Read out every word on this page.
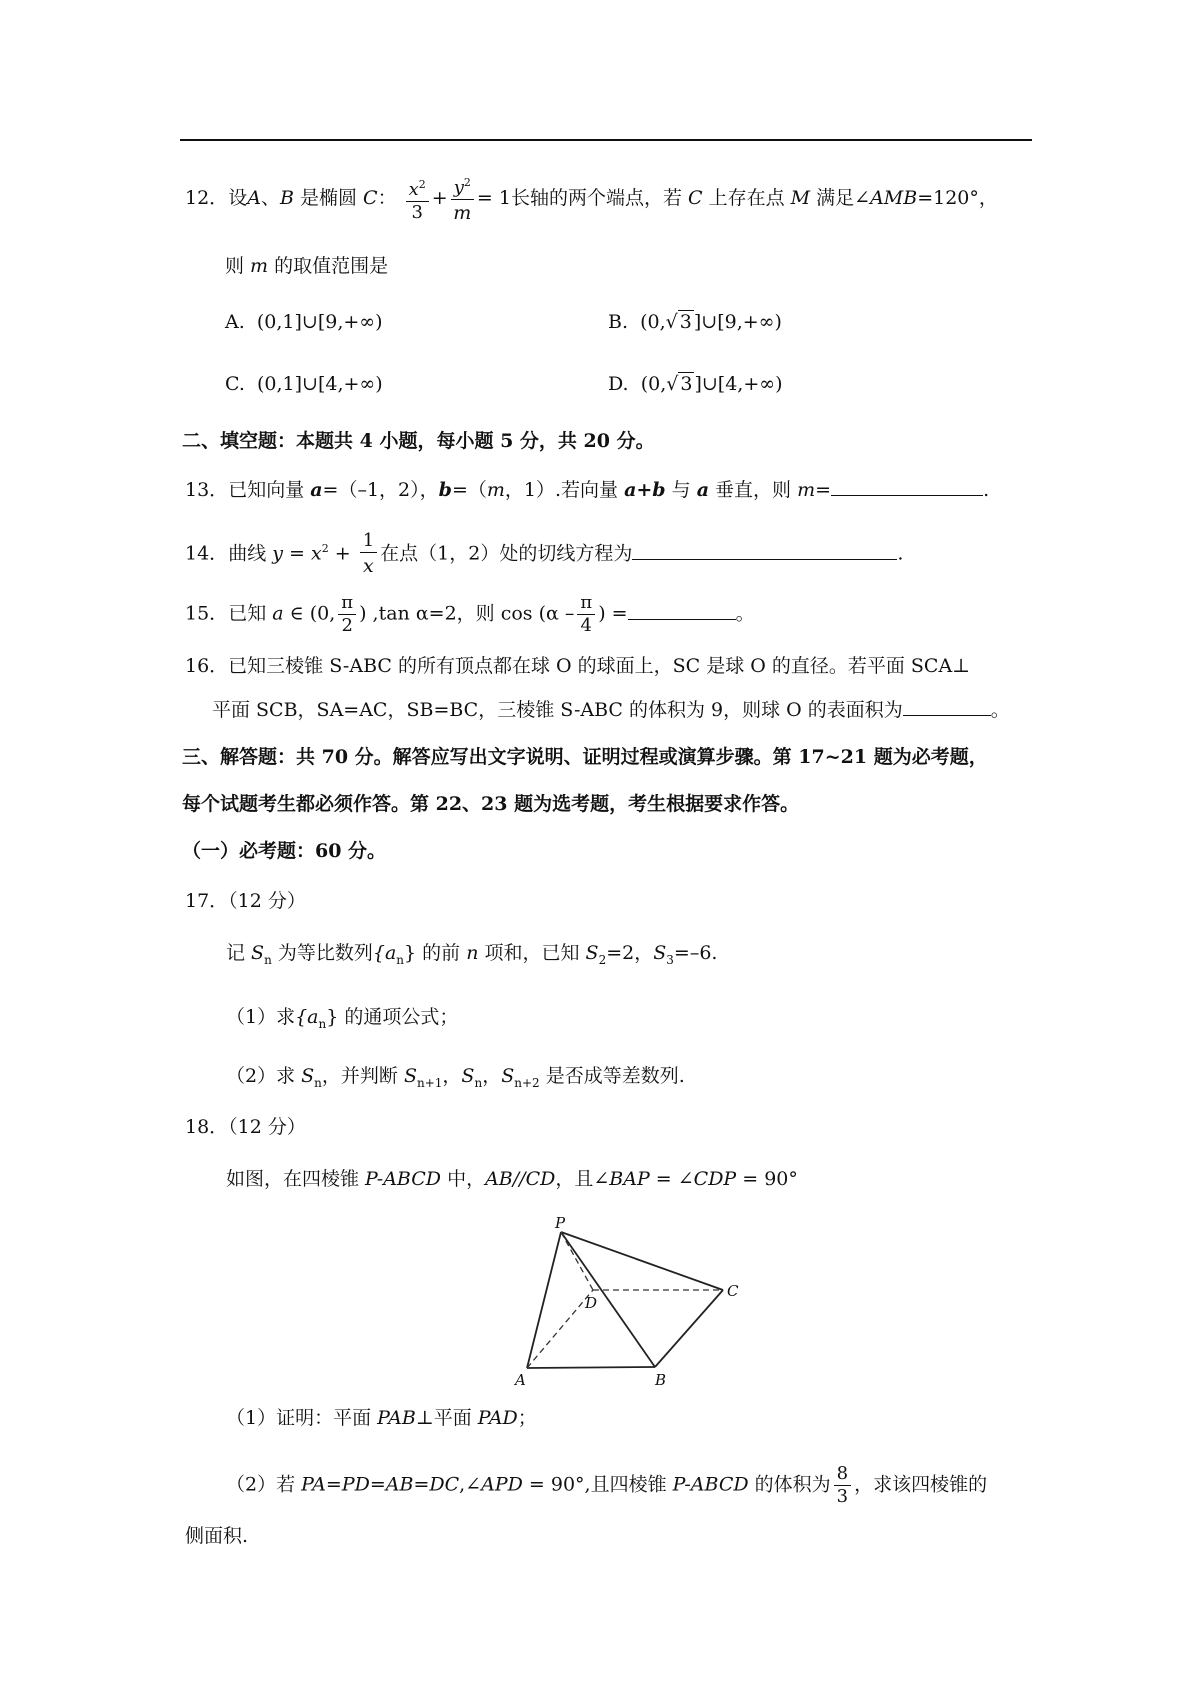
12．设A、B 是椭圆 C： $\frac{x^2}{3} + \frac{y^2}{m} = 1$长轴的两个端点，若 C 上存在点 M 满足∠AMB=120°，
则 m 的取值范围是
A. (0,1]∪[9,+∞)	B. (0,√ 3 ]∪[9,+∞)
C. (0,1]∪[4,+∞)	D. (0,√ 3 ]∪[4,+∞)
二、填空题：本题共 4 小题，每小题 5 分，共 20 分。
13．已知向量 a=（–1，2），b=（m，1）.若向量 a+b 与 a 垂直，则 m=	.
14．曲线 $y = x^2 + \frac{1}{x}$ 在点（1，2）处的切线方程为	.
15．已知 a ∈ (0, $\frac{\pi}{2}$ ) ,tan α=2，则 $\cos (\alpha - \frac{\pi}{4}$ ) =	。
16．已知三棱锥 S-ABC 的所有顶点都在球 O 的球面上，SC 是球 O 的直径。若平面 SCA⊥
平面 SCB，SA=AC，SB=BC，三棱锥 S-ABC 的体积为 9，则球 O 的表面积为	。
三、解答题：共 70 分。解答应写出文字说明、证明过程或演算步骤。第 17~21 题为必考题，
每个试题考生都必须作答。第 22、23 题为选考题，考生根据要求作答。
（一）必考题：60 分。
17．（12 分）
记 $S_n$ 为等比数列$\{a_n\}$ 的前 n 项和，已知 $S_2=2$，$S_3=-6$.
（1）求$\{a_n\}$ 的通项公式；
（2）求 $S_n$，并判断 $S_{n+1}$，$S_n$，$S_{n+2}$ 是否成等差数列.
18．（12 分）
如图，在四棱锥 P-ABCD 中，AB//CD，且∠BAP = ∠CDP = 90°
P
A	B
C
D
（1）证明：平面 PAB⊥平面 PAD；
（2）若 PA=PD=AB=DC,∠APD = 90°,且四棱锥 P-ABCD 的体积为 $\frac{8}{3}$ ，求该四棱锥的
侧面积.
